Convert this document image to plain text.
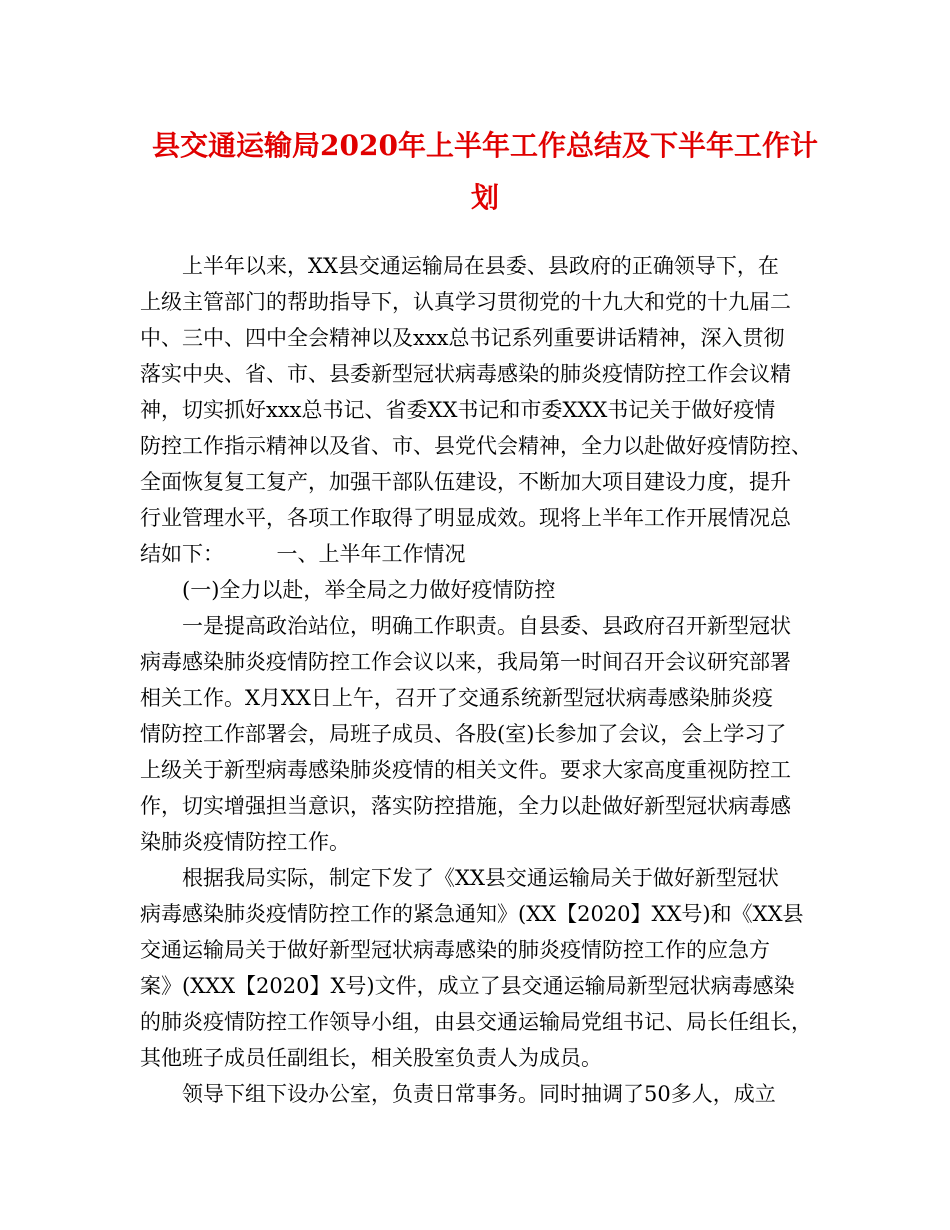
县交通运输局2020年上半年工作总结及下半年工作计
划
上半年以来，XX县交通运输局在县委、县政府的正确领导下，在
上级主管部门的帮助指导下，认真学习贯彻党的十九大和党的十九届二
中、三中、四中全会精神以及xxx总书记系列重要讲话精神，深入贯彻
落实中央、省、市、县委新型冠状病毒感染的肺炎疫情防控工作会议精
神，切实抓好xxx总书记、省委XX书记和市委XXX书记关于做好疫情
防控工作指示精神以及省、市、县党代会精神，全力以赴做好疫情防控、
全面恢复复工复产，加强干部队伍建设，不断加大项目建设力度，提升
行业管理水平，各项工作取得了明显成效。现将上半年工作开展情况总
结如下：　　　一、上半年工作情况
(一)全力以赴，举全局之力做好疫情防控
一是提高政治站位，明确工作职责。自县委、县政府召开新型冠状
病毒感染肺炎疫情防控工作会议以来，我局第一时间召开会议研究部署
相关工作。X月XX日上午，召开了交通系统新型冠状病毒感染肺炎疫
情防控工作部署会，局班子成员、各股(室)长参加了会议，会上学习了
上级关于新型病毒感染肺炎疫情的相关文件。要求大家高度重视防控工
作，切实增强担当意识，落实防控措施，全力以赴做好新型冠状病毒感
染肺炎疫情防控工作。
根据我局实际，制定下发了《XX县交通运输局关于做好新型冠状
病毒感染肺炎疫情防控工作的紧急通知》(XX【2020】XX号)和《XX县
交通运输局关于做好新型冠状病毒感染的肺炎疫情防控工作的应急方
案》(XXX【2020】X号)文件，成立了县交通运输局新型冠状病毒感染
的肺炎疫情防控工作领导小组，由县交通运输局党组书记、局长任组长，
其他班子成员任副组长，相关股室负责人为成员。
领导下组下设办公室，负责日常事务。同时抽调了50多人，成立
